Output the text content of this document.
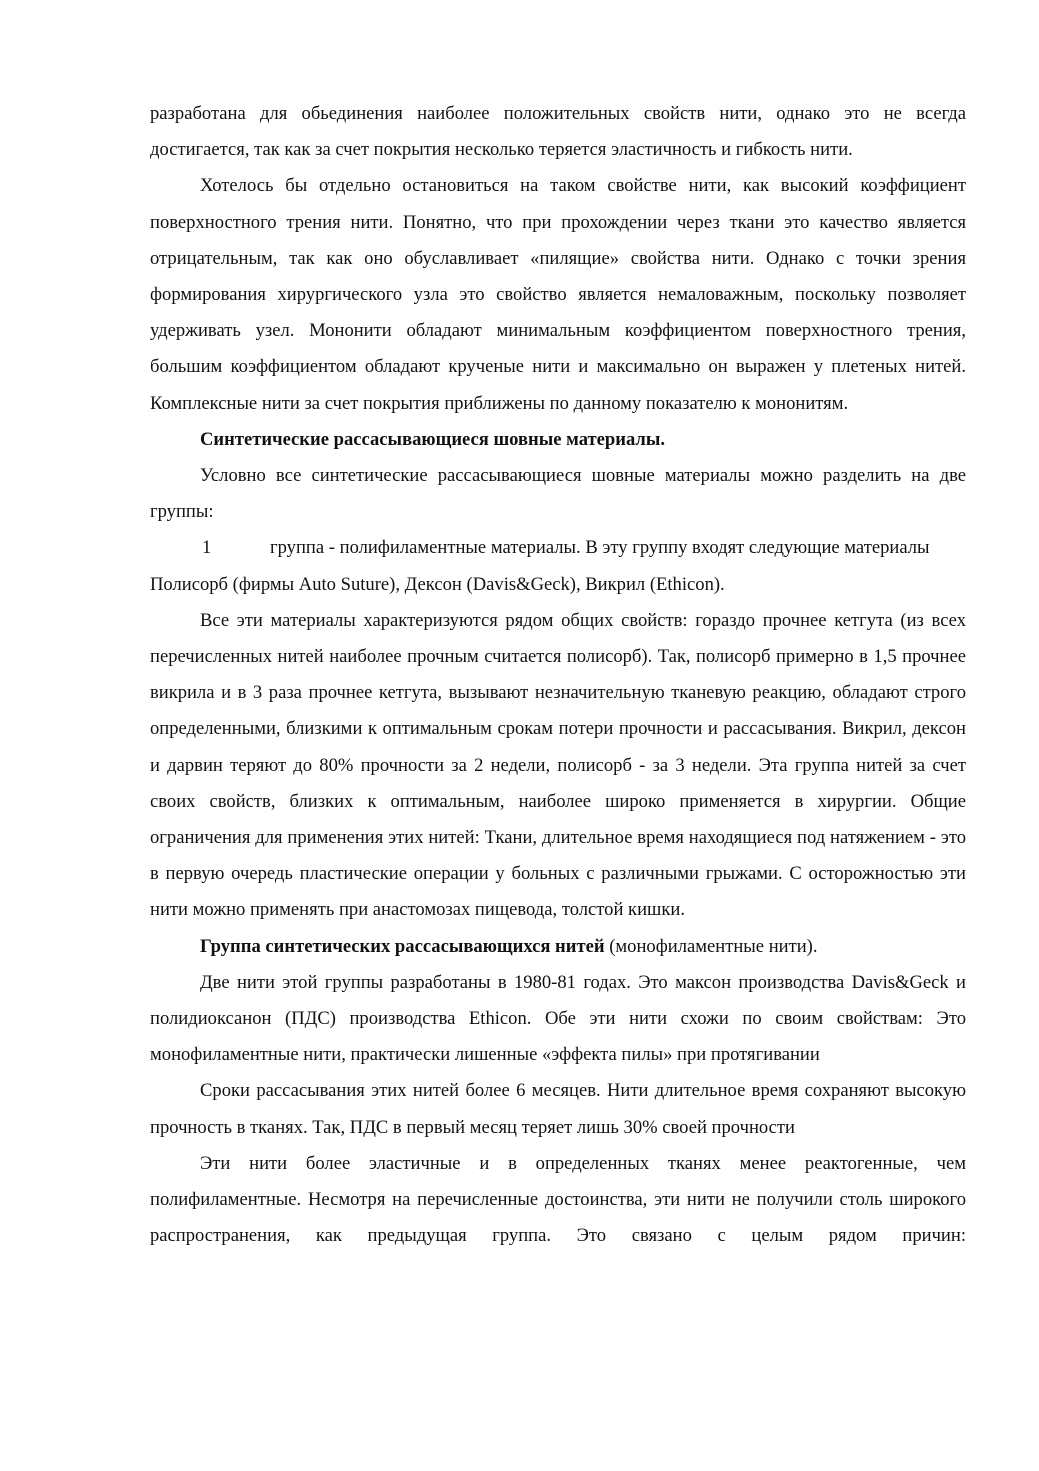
разработана для обьединения наиболее положительных свойств нити, однако это не всегда достигается, так как за счет покрытия несколько теряется эластичность и гибкость нити.

Хотелось бы отдельно остановиться на таком свойстве нити, как высокий коэффициент поверхностного трения нити. Понятно, что при прохождении через ткани это качество является отрицательным, так как оно обуславливает «пилящие» свойства нити. Однако с точки зрения формирования хирургического узла это свойство является немаловажным, поскольку позволяет удерживать узел. Мононити обладают минимальным коэффициентом поверхностного трения, большим коэффициентом обладают крученые нити и максимально он выражен у плетеных нитей. Комплексные нити за счет покрытия приближены по данному показателю к мононитям.

Синтетические рассасывающиеся шовные материалы.

Условно все синтетические рассасывающиеся шовные материалы можно разделить на две группы:

1	группа - полифиламентные материалы. В эту группу входят следующие материалы
Полисорб (фирмы Auto Suture), Дексон (Davis&Geck), Викрил (Ethicon).

Все эти материалы характеризуются рядом общих свойств: гораздо прочнее кетгута (из всех перечисленных нитей наиболее прочным считается полисорб). Так, полисорб примерно в 1,5 прочнее викрила и в 3 раза прочнее кетгута, вызывают незначительную тканевую реакцию, обладают строго определенными, близкими к оптимальным срокам потери прочности и рассасывания. Викрил, дексон и дарвин теряют до 80% прочности за 2 недели, полисорб - за 3 недели. Эта группа нитей за счет своих свойств, близких к оптимальным, наиболее широко применяется в хирургии. Общие ограничения для применения этих нитей: Ткани, длительное время находящиеся под натяжением - это в первую очередь пластические операции у больных с различными грыжами. С осторожностью эти нити можно применять при анастомозах пищевода, толстой кишки.

Группа синтетических рассасывающихся нитей (монофиламентные нити).

Две нити этой группы разработаны в 1980-81 годах. Это максон производства Davis&Geck и полидиоксанон (ПДС) производства Ethicon. Обе эти нити схожи по своим свойствам: Это монофиламентные нити, практически лишенные «эффекта пилы» при протягивании

Сроки рассасывания этих нитей более 6 месяцев. Нити длительное время сохраняют высокую прочность в тканях. Так, ПДС в первый месяц теряет лишь 30% своей прочности

Эти нити более эластичные и в определенных тканях менее реактогенные, чем полифиламентные. Несмотря на перечисленные достоинства, эти нити не получили столь широкого распространения, как предыдущая группа. Это связано с целым рядом причин:
